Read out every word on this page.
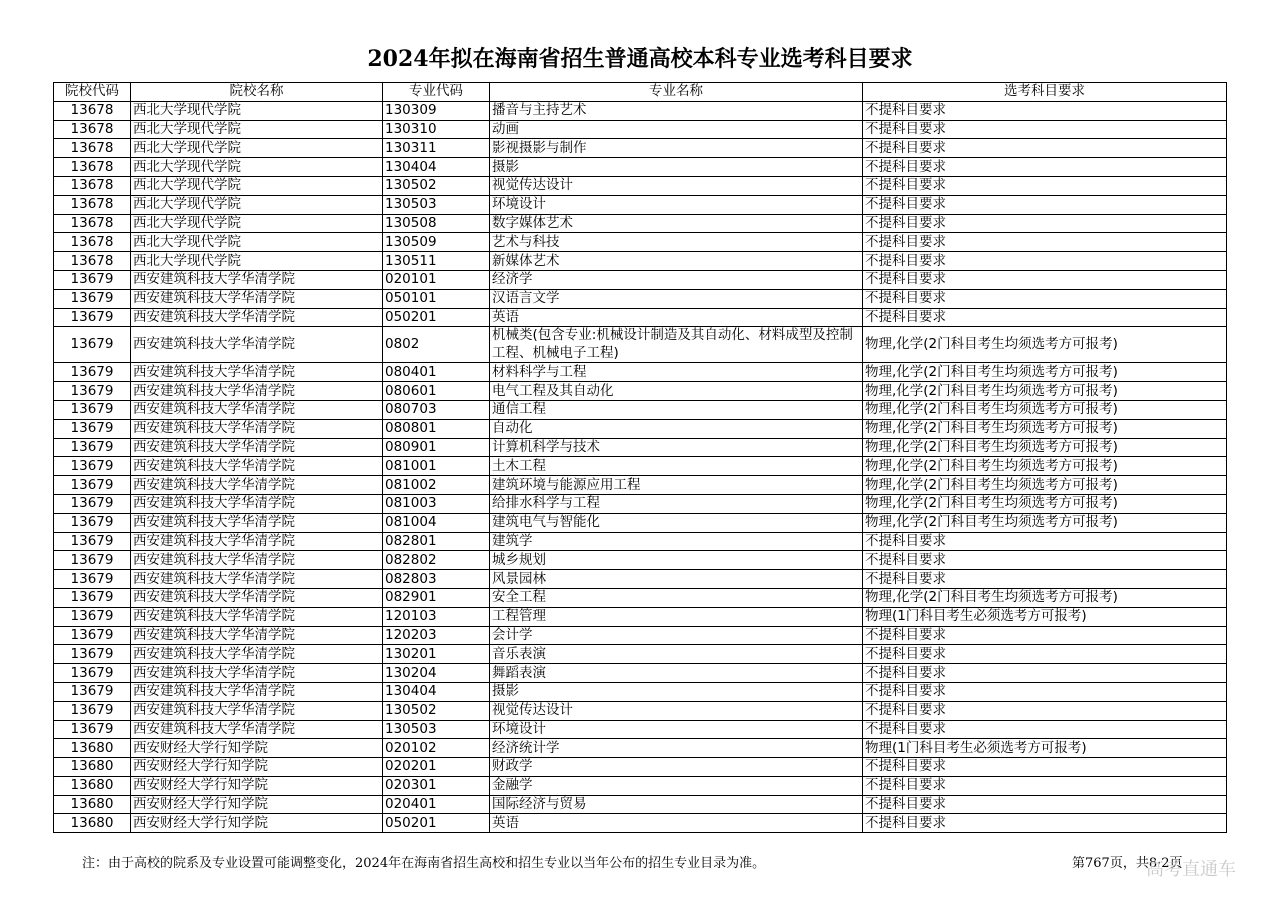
2024年拟在海南省招生普通高校本科专业选考科目要求
院校代码	院校名称	专业代码	专业名称	选考科目要求
13678	西北大学现代学院	130309	播音与主持艺术	不提科目要求
13678	西北大学现代学院	130310	动画	不提科目要求
13678	西北大学现代学院	130311	影视摄影与制作	不提科目要求
13678	西北大学现代学院	130404	摄影	不提科目要求
13678	西北大学现代学院	130502	视觉传达设计	不提科目要求
13678	西北大学现代学院	130503	环境设计	不提科目要求
13678	西北大学现代学院	130508	数字媒体艺术	不提科目要求
13678	西北大学现代学院	130509	艺术与科技	不提科目要求
13678	西北大学现代学院	130511	新媒体艺术	不提科目要求
13679	西安建筑科技大学华清学院	020101	经济学	不提科目要求
13679	西安建筑科技大学华清学院	050101	汉语言文学	不提科目要求
13679	西安建筑科技大学华清学院	050201	英语	不提科目要求
13679	西安建筑科技大学华清学院	0802	机械类(包含专业:机械设计制造及其自动化、材料成型及控制工程、机械电子工程)	物理,化学(2门科目考生均须选考方可报考)
13679	西安建筑科技大学华清学院	080401	材料科学与工程	物理,化学(2门科目考生均须选考方可报考)
13679	西安建筑科技大学华清学院	080601	电气工程及其自动化	物理,化学(2门科目考生均须选考方可报考)
13679	西安建筑科技大学华清学院	080703	通信工程	物理,化学(2门科目考生均须选考方可报考)
13679	西安建筑科技大学华清学院	080801	自动化	物理,化学(2门科目考生均须选考方可报考)
13679	西安建筑科技大学华清学院	080901	计算机科学与技术	物理,化学(2门科目考生均须选考方可报考)
13679	西安建筑科技大学华清学院	081001	土木工程	物理,化学(2门科目考生均须选考方可报考)
13679	西安建筑科技大学华清学院	081002	建筑环境与能源应用工程	物理,化学(2门科目考生均须选考方可报考)
13679	西安建筑科技大学华清学院	081003	给排水科学与工程	物理,化学(2门科目考生均须选考方可报考)
13679	西安建筑科技大学华清学院	081004	建筑电气与智能化	物理,化学(2门科目考生均须选考方可报考)
13679	西安建筑科技大学华清学院	082801	建筑学	不提科目要求
13679	西安建筑科技大学华清学院	082802	城乡规划	不提科目要求
13679	西安建筑科技大学华清学院	082803	风景园林	不提科目要求
13679	西安建筑科技大学华清学院	082901	安全工程	物理,化学(2门科目考生均须选考方可报考)
13679	西安建筑科技大学华清学院	120103	工程管理	物理(1门科目考生必须选考方可报考)
13679	西安建筑科技大学华清学院	120203	会计学	不提科目要求
13679	西安建筑科技大学华清学院	130201	音乐表演	不提科目要求
13679	西安建筑科技大学华清学院	130204	舞蹈表演	不提科目要求
13679	西安建筑科技大学华清学院	130404	摄影	不提科目要求
13679	西安建筑科技大学华清学院	130502	视觉传达设计	不提科目要求
13679	西安建筑科技大学华清学院	130503	环境设计	不提科目要求
13680	西安财经大学行知学院	020102	经济统计学	物理(1门科目考生必须选考方可报考)
13680	西安财经大学行知学院	020201	财政学	不提科目要求
13680	西安财经大学行知学院	020301	金融学	不提科目要求
13680	西安财经大学行知学院	020401	国际经济与贸易	不提科目要求
13680	西安财经大学行知学院	050201	英语	不提科目要求
注：由于高校的院系及专业设置可能调整变化，2024年在海南省招生高校和招生专业以当年公布的招生专业目录为准。	第767页，共8·2页
高考直通车
